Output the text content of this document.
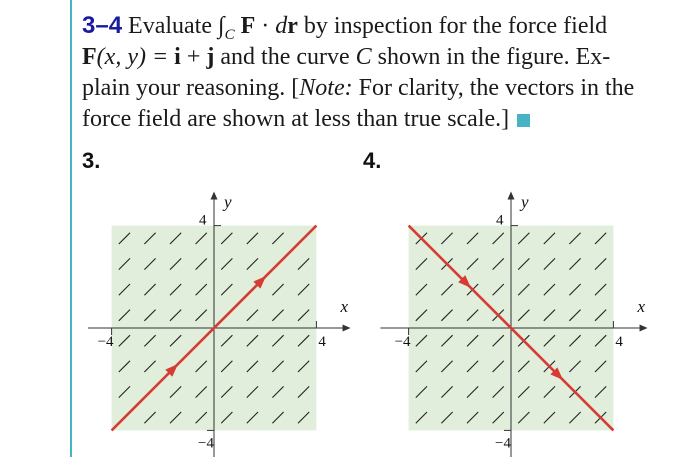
3–4 Evaluate $\int_C$ F · dr by inspection for the force field
F(x, y) = i + j and the curve C shown in the figure. Ex-
plain your reasoning. [Note: For clarity, the vectors in the
force field are shown at less than true scale.]
3.	4.
y
x
4
4
−4
−4
y
x
4
4
−4
−4
